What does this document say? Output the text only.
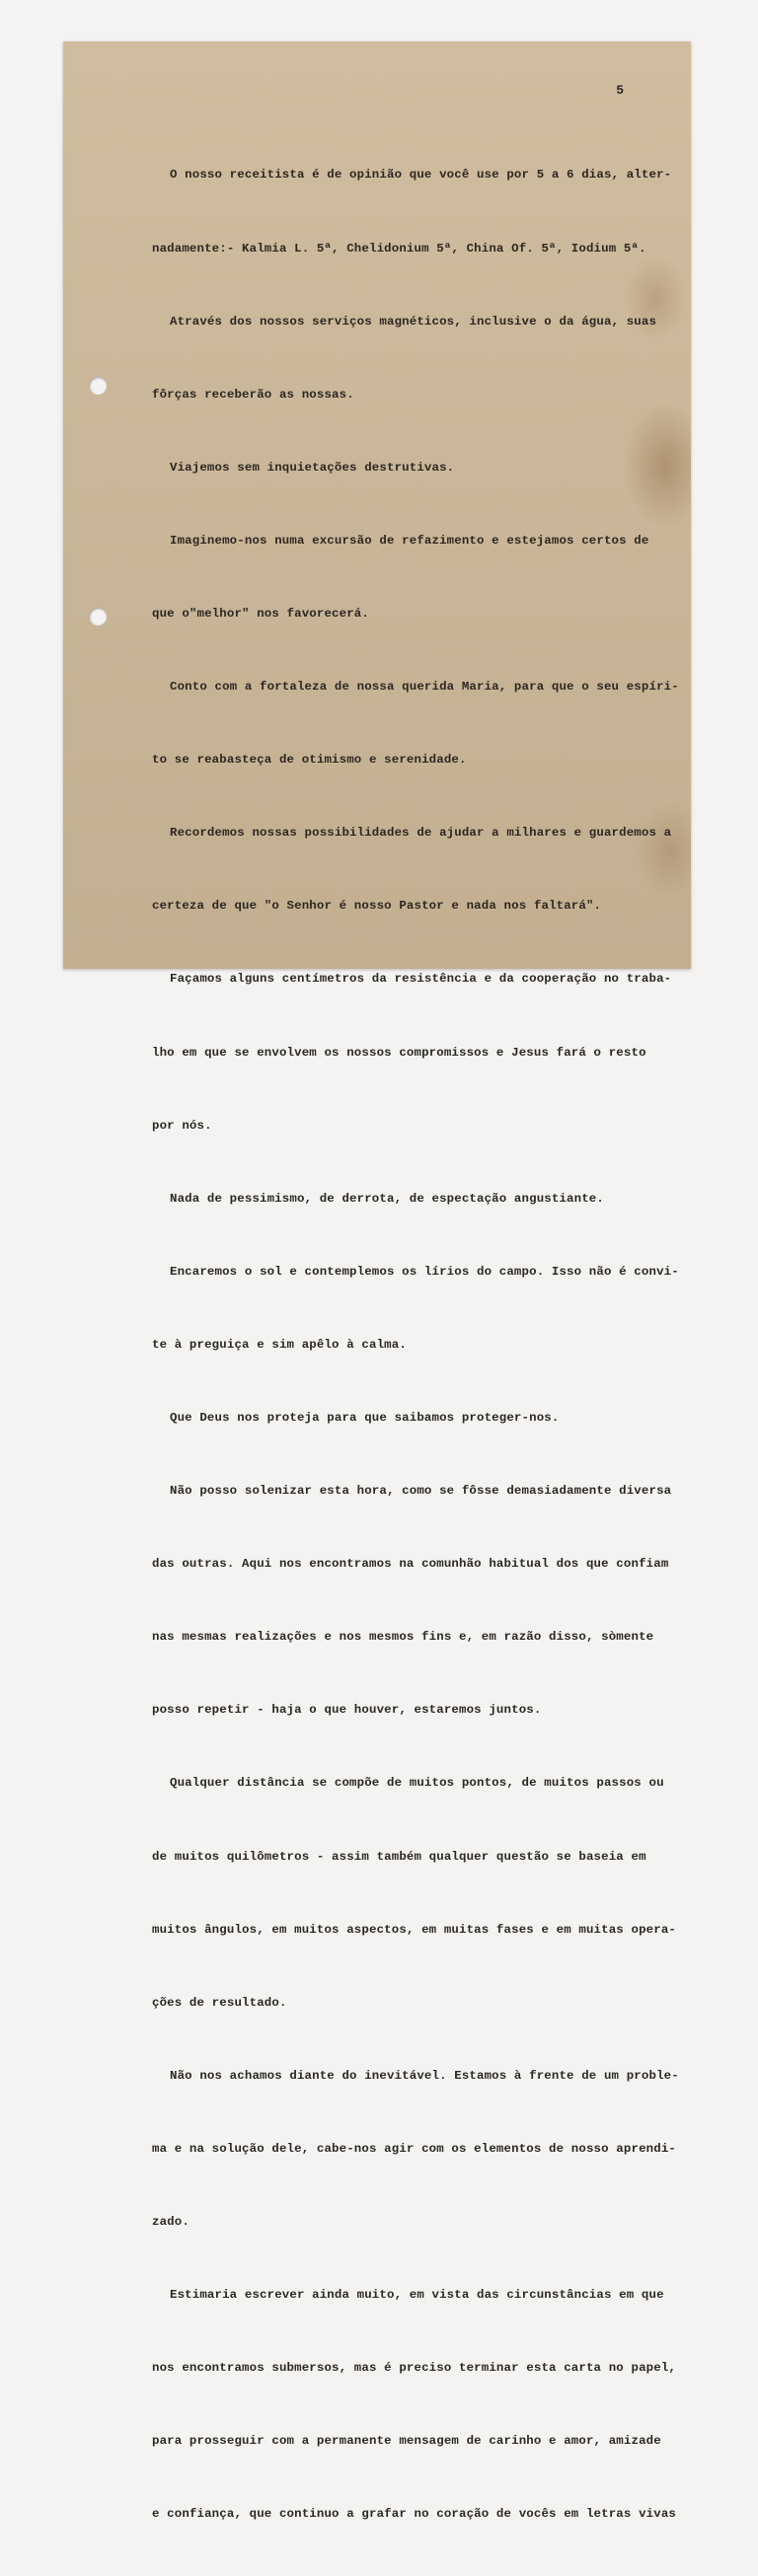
5

O nosso receitista é de opinião que você use por 5 a 6 dias, alter-

nadamente:- Kalmia L. 5ª, Chelidonium 5ª, China Of. 5ª, Iodium 5ª.

Através dos nossos serviços magnéticos, inclusive o da água, suas

fôrças receberão as nossas.

Viajemos sem inquietações destrutivas.

Imaginemo-nos numa excursão de refazimento e estejamos certos de

que o"melhor" nos favorecerá.

Conto com a fortaleza de nossa querida Maria, para que o seu espíri-

to se reabasteça de otimismo e serenidade.

Recordemos nossas possibilidades de ajudar a milhares e guardemos a

certeza de que "o Senhor é nosso Pastor e nada nos faltará".

Façamos alguns centímetros da resistência e da cooperação no traba-

lho em que se envolvem os nossos compromissos e Jesus fará o resto

por nós.

Nada de pessimismo, de derrota, de espectação angustiante.

Encaremos o sol e contemplemos os lírios do campo. Isso não é convi-

te à preguiça e sim apêlo à calma.

Que Deus nos proteja para que saibamos proteger-nos.

Não posso solenizar esta hora, como se fôsse demasiadamente diversa

das outras. Aqui nos encontramos na comunhão habitual dos que confiam

nas mesmas realizações e nos mesmos fins e, em razão disso, sòmente

posso repetir - haja o que houver, estaremos juntos.

Qualquer distância se compõe de muitos pontos, de muitos passos ou

de muitos quilômetros - assim também qualquer questão se baseia em

muitos ângulos, em muitos aspectos, em muitas fases e em muitas opera-

ções de resultado.

Não nos achamos diante do inevitável. Estamos à frente de um proble-

ma e na solução dele, cabe-nos agir com os elementos de nosso aprendi-

zado.

Estimaria escrever ainda muito, em vista das circunstâncias em que

nos encontramos submersos, mas é preciso terminar esta carta no papel,

para prosseguir com a permanente mensagem de carinho e amor, amizade

e confiança, que continuo a grafar no coração de vocês em letras vivas
